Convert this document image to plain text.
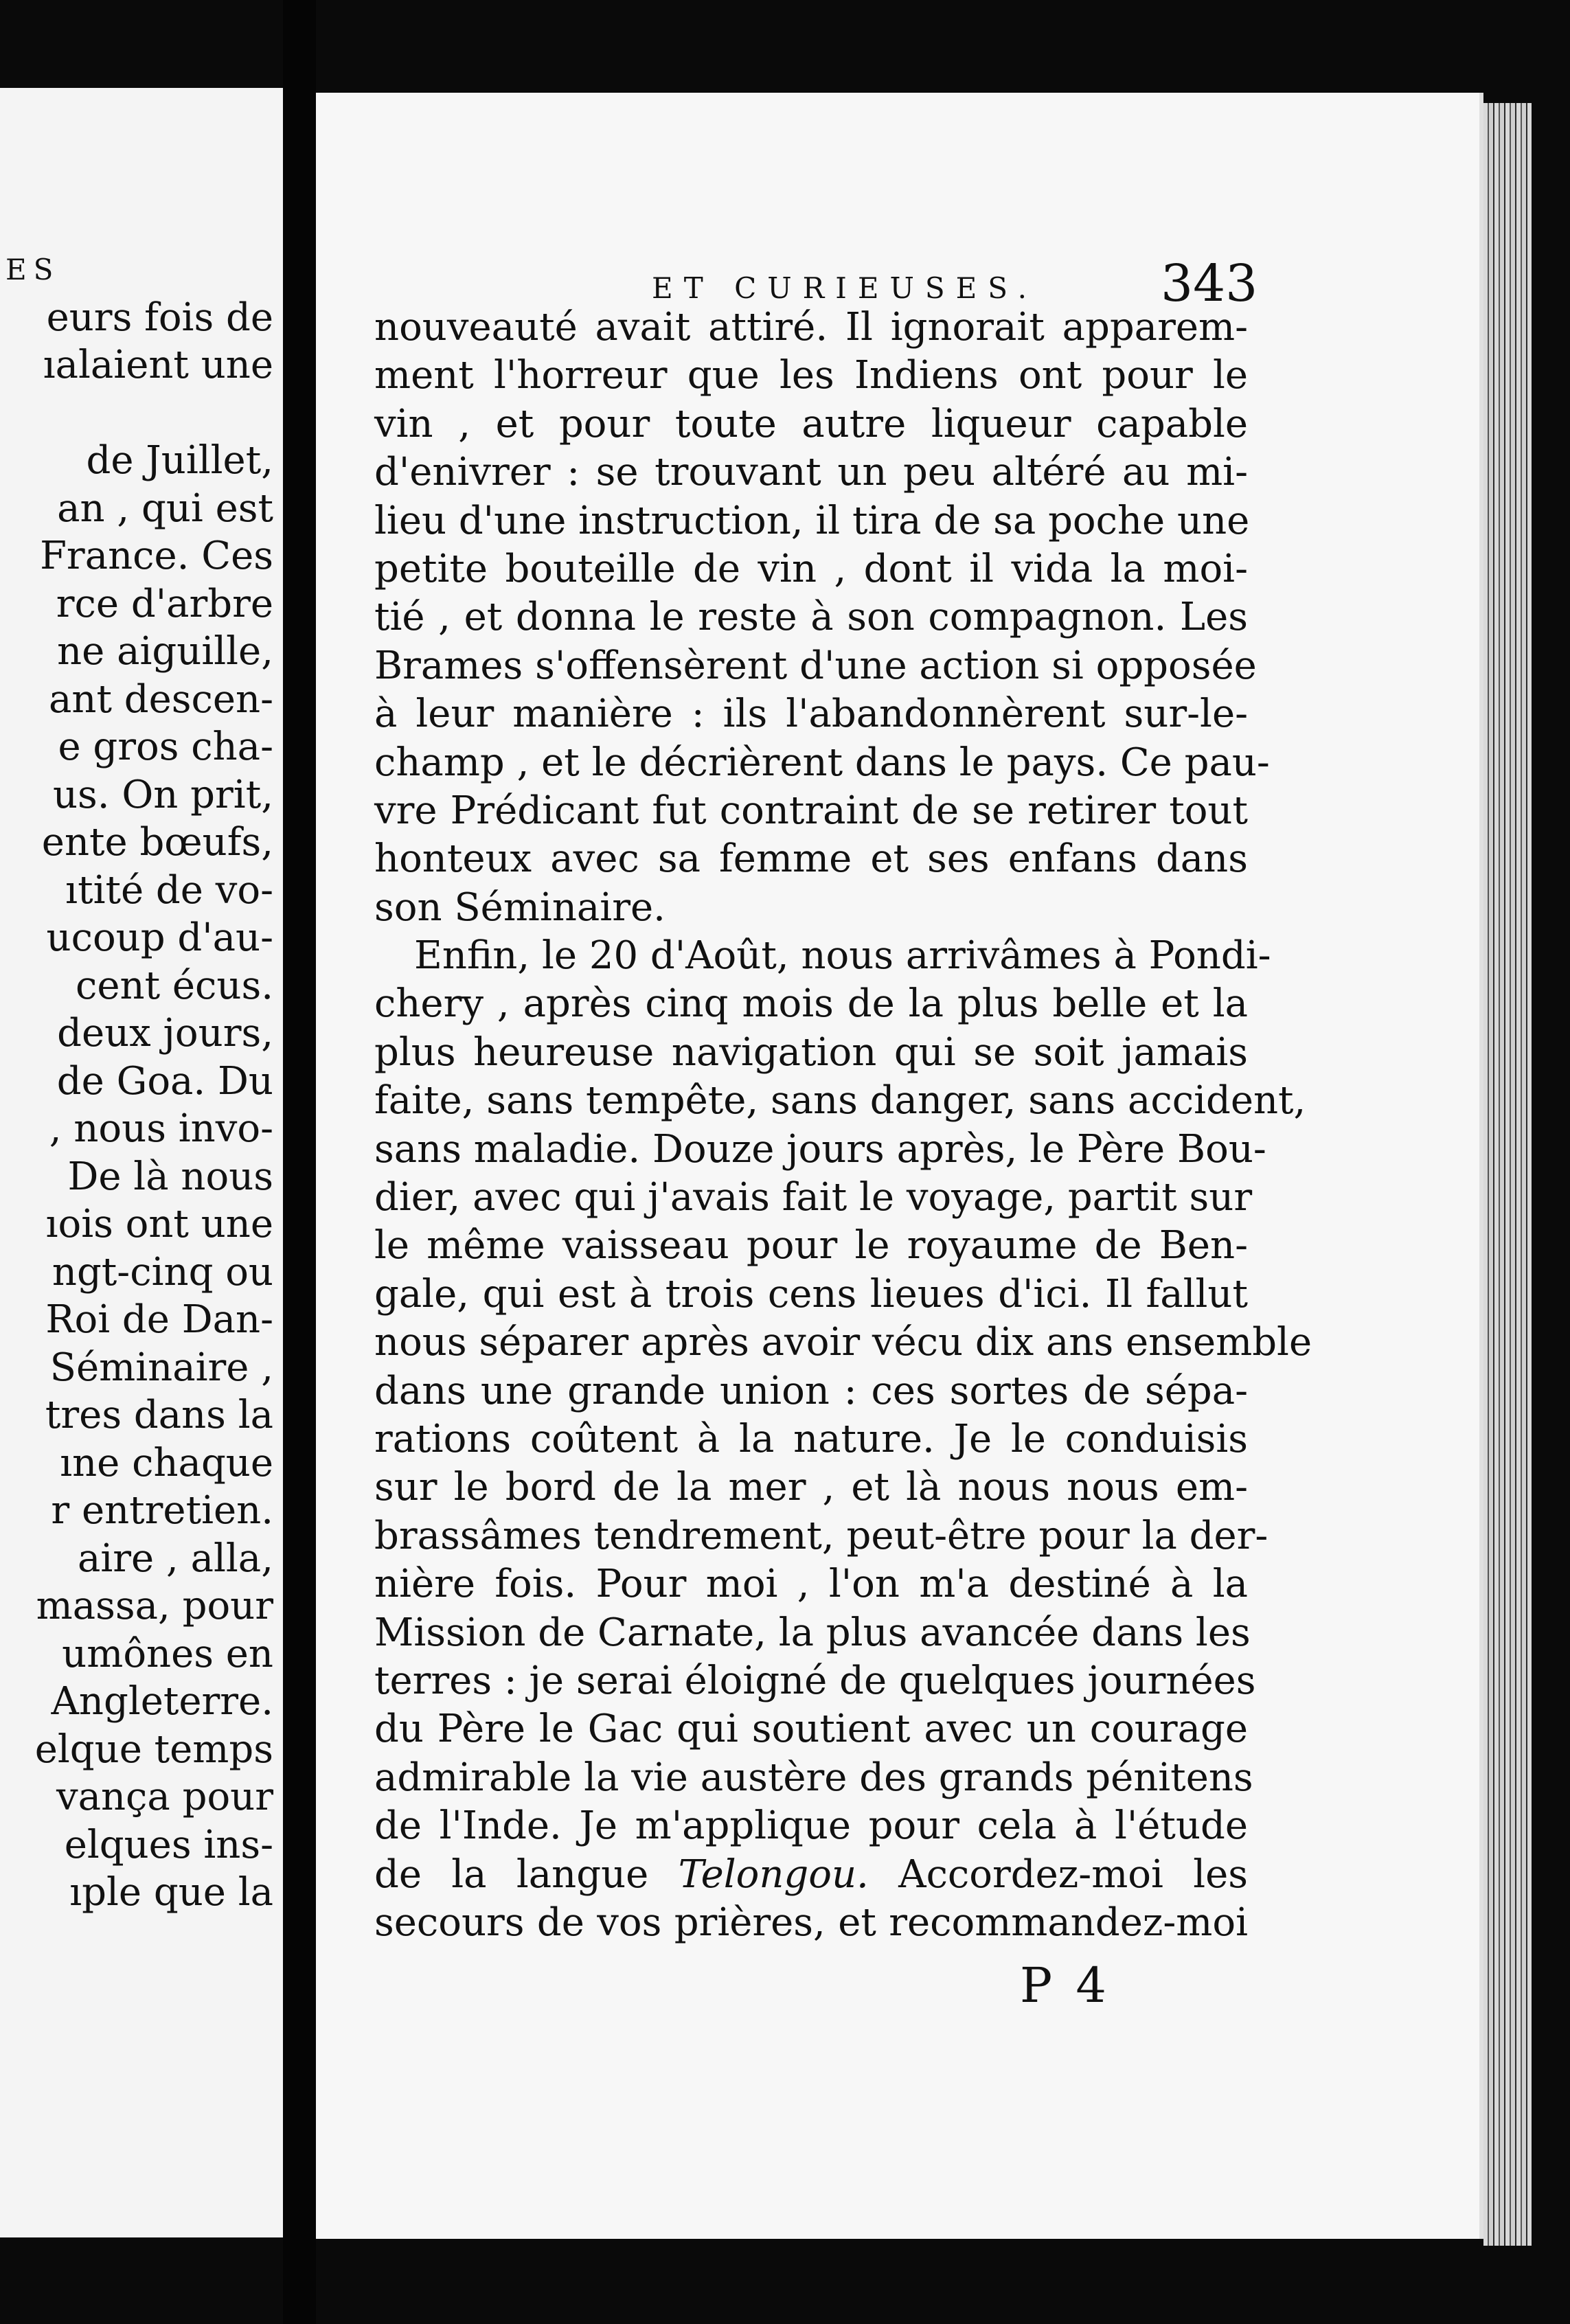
ES
eurs fois de
ıalaient une
de Juillet,
an , qui est
France. Ces
rce d'arbre
ne aiguille,
ant descen-
e gros cha-
us. On prit,
ente bœufs,
ıtité de vo-
ucoup d'au-
cent écus.
deux jours,
de Goa. Du
, nous invo-
De là nous
ıois ont une
ngt-cinq ou
Roi de Dan-
Séminaire ,
tres dans la
ıne chaque
r entretien.
aire , alla,
massa, pour
umônes en
Angleterre.
elque temps
vança pour
elques ins-
ıple que la
ET CURIEUSES.	343
nouveauté avait attiré. Il ignorait apparem-
ment l'horreur que les Indiens ont pour le
vin , et pour toute autre liqueur capable
d'enivrer : se trouvant un peu altéré au mi-
lieu d'une instruction, il tira de sa poche une
petite bouteille de vin , dont il vida la moi-
tié , et donna le reste à son compagnon. Les
Brames s'offensèrent d'une action si opposée
à leur manière : ils l'abandonnèrent sur-le-
champ , et le décrièrent dans le pays. Ce pau-
vre Prédicant fut contraint de se retirer tout
honteux avec sa femme et ses enfans dans
son Séminaire.
Enfin, le 20 d'Août, nous arrivâmes à Pondi-
chery , après cinq mois de la plus belle et la
plus heureuse navigation qui se soit jamais
faite, sans tempête, sans danger, sans accident,
sans maladie. Douze jours après, le Père Bou-
dier, avec qui j'avais fait le voyage, partit sur
le même vaisseau pour le royaume de Ben-
gale, qui est à trois cens lieues d'ici. Il fallut
nous séparer après avoir vécu dix ans ensemble
dans une grande union : ces sortes de sépa-
rations coûtent à la nature. Je le conduisis
sur le bord de la mer , et là nous nous em-
brassâmes tendrement, peut-être pour la der-
nière fois. Pour moi , l'on m'a destiné à la
Mission de Carnate, la plus avancée dans les
terres : je serai éloigné de quelques journées
du Père le Gac qui soutient avec un courage
admirable la vie austère des grands pénitens
de l'Inde. Je m'applique pour cela à l'étude
de la langue Telongou. Accordez-moi les
secours de vos prières, et recommandez-moi
P 4
